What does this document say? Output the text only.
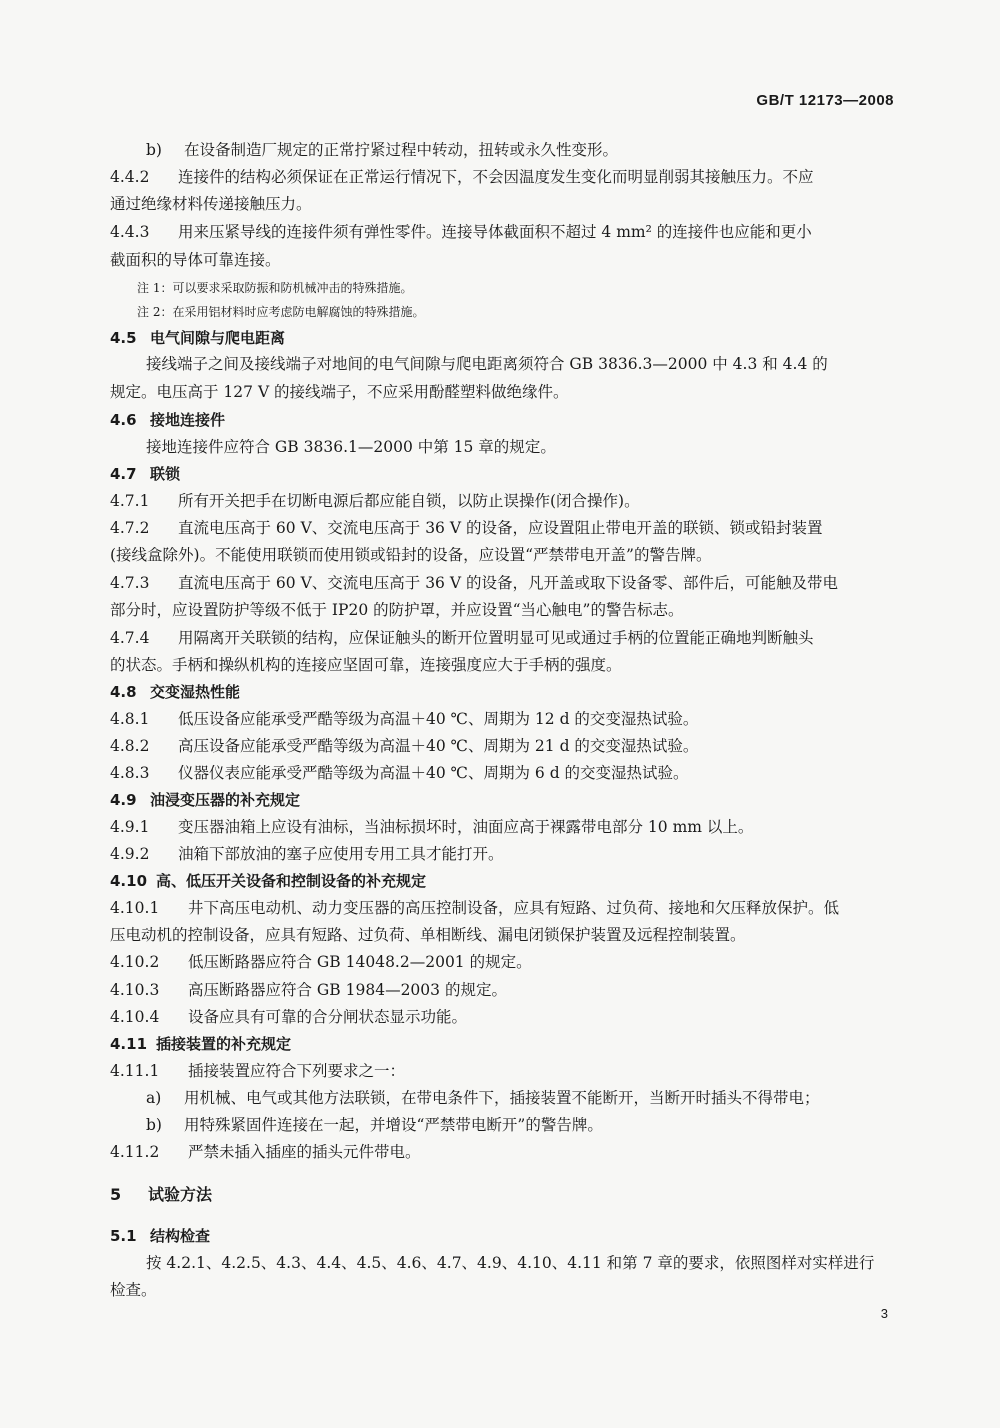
GB/T 12173—2008
b) 在设备制造厂规定的正常拧紧过程中转动，扭转或永久性变形。
4.4.2 连接件的结构必须保证在正常运行情况下，不会因温度发生变化而明显削弱其接触压力。不应
通过绝缘材料传递接触压力。
4.4.3 用来压紧导线的连接件须有弹性零件。连接导体截面积不超过 4 mm² 的连接件也应能和更小
截面积的导体可靠连接。
注 1：可以要求采取防振和防机械冲击的特殊措施。
注 2：在采用铝材料时应考虑防电解腐蚀的特殊措施。
4.5 电气间隙与爬电距离
接线端子之间及接线端子对地间的电气间隙与爬电距离须符合 GB 3836.3—2000 中 4.3 和 4.4 的
规定。电压高于 127 V 的接线端子，不应采用酚醛塑料做绝缘件。
4.6 接地连接件
接地连接件应符合 GB 3836.1—2000 中第 15 章的规定。
4.7 联锁
4.7.1 所有开关把手在切断电源后都应能自锁，以防止误操作(闭合操作)。
4.7.2 直流电压高于 60 V、交流电压高于 36 V 的设备，应设置阻止带电开盖的联锁、锁或铅封装置
(接线盒除外)。不能使用联锁而使用锁或铅封的设备，应设置“严禁带电开盖”的警告牌。
4.7.3 直流电压高于 60 V、交流电压高于 36 V 的设备，凡开盖或取下设备零、部件后，可能触及带电
部分时，应设置防护等级不低于 IP20 的防护罩，并应设置“当心触电”的警告标志。
4.7.4 用隔离开关联锁的结构，应保证触头的断开位置明显可见或通过手柄的位置能正确地判断触头
的状态。手柄和操纵机构的连接应坚固可靠，连接强度应大于手柄的强度。
4.8 交变湿热性能
4.8.1 低压设备应能承受严酷等级为高温＋40 ℃、周期为 12 d 的交变湿热试验。
4.8.2 高压设备应能承受严酷等级为高温＋40 ℃、周期为 21 d 的交变湿热试验。
4.8.3 仪器仪表应能承受严酷等级为高温＋40 ℃、周期为 6 d 的交变湿热试验。
4.9 油浸变压器的补充规定
4.9.1 变压器油箱上应设有油标，当油标损坏时，油面应高于裸露带电部分 10 mm 以上。
4.9.2 油箱下部放油的塞子应使用专用工具才能打开。
4.10 高、低压开关设备和控制设备的补充规定
4.10.1 井下高压电动机、动力变压器的高压控制设备，应具有短路、过负荷、接地和欠压释放保护。低
压电动机的控制设备，应具有短路、过负荷、单相断线、漏电闭锁保护装置及远程控制装置。
4.10.2 低压断路器应符合 GB 14048.2—2001 的规定。
4.10.3 高压断路器应符合 GB 1984—2003 的规定。
4.10.4 设备应具有可靠的合分闸状态显示功能。
4.11 插接装置的补充规定
4.11.1 插接装置应符合下列要求之一：
a) 用机械、电气或其他方法联锁，在带电条件下，插接装置不能断开，当断开时插头不得带电；
b) 用特殊紧固件连接在一起，并增设“严禁带电断开”的警告牌。
4.11.2 严禁未插入插座的插头元件带电。
5 试验方法
5.1 结构检查
按 4.2.1、4.2.5、4.3、4.4、4.5、4.6、4.7、4.9、4.10、4.11 和第 7 章的要求，依照图样对实样进行
检查。
3
